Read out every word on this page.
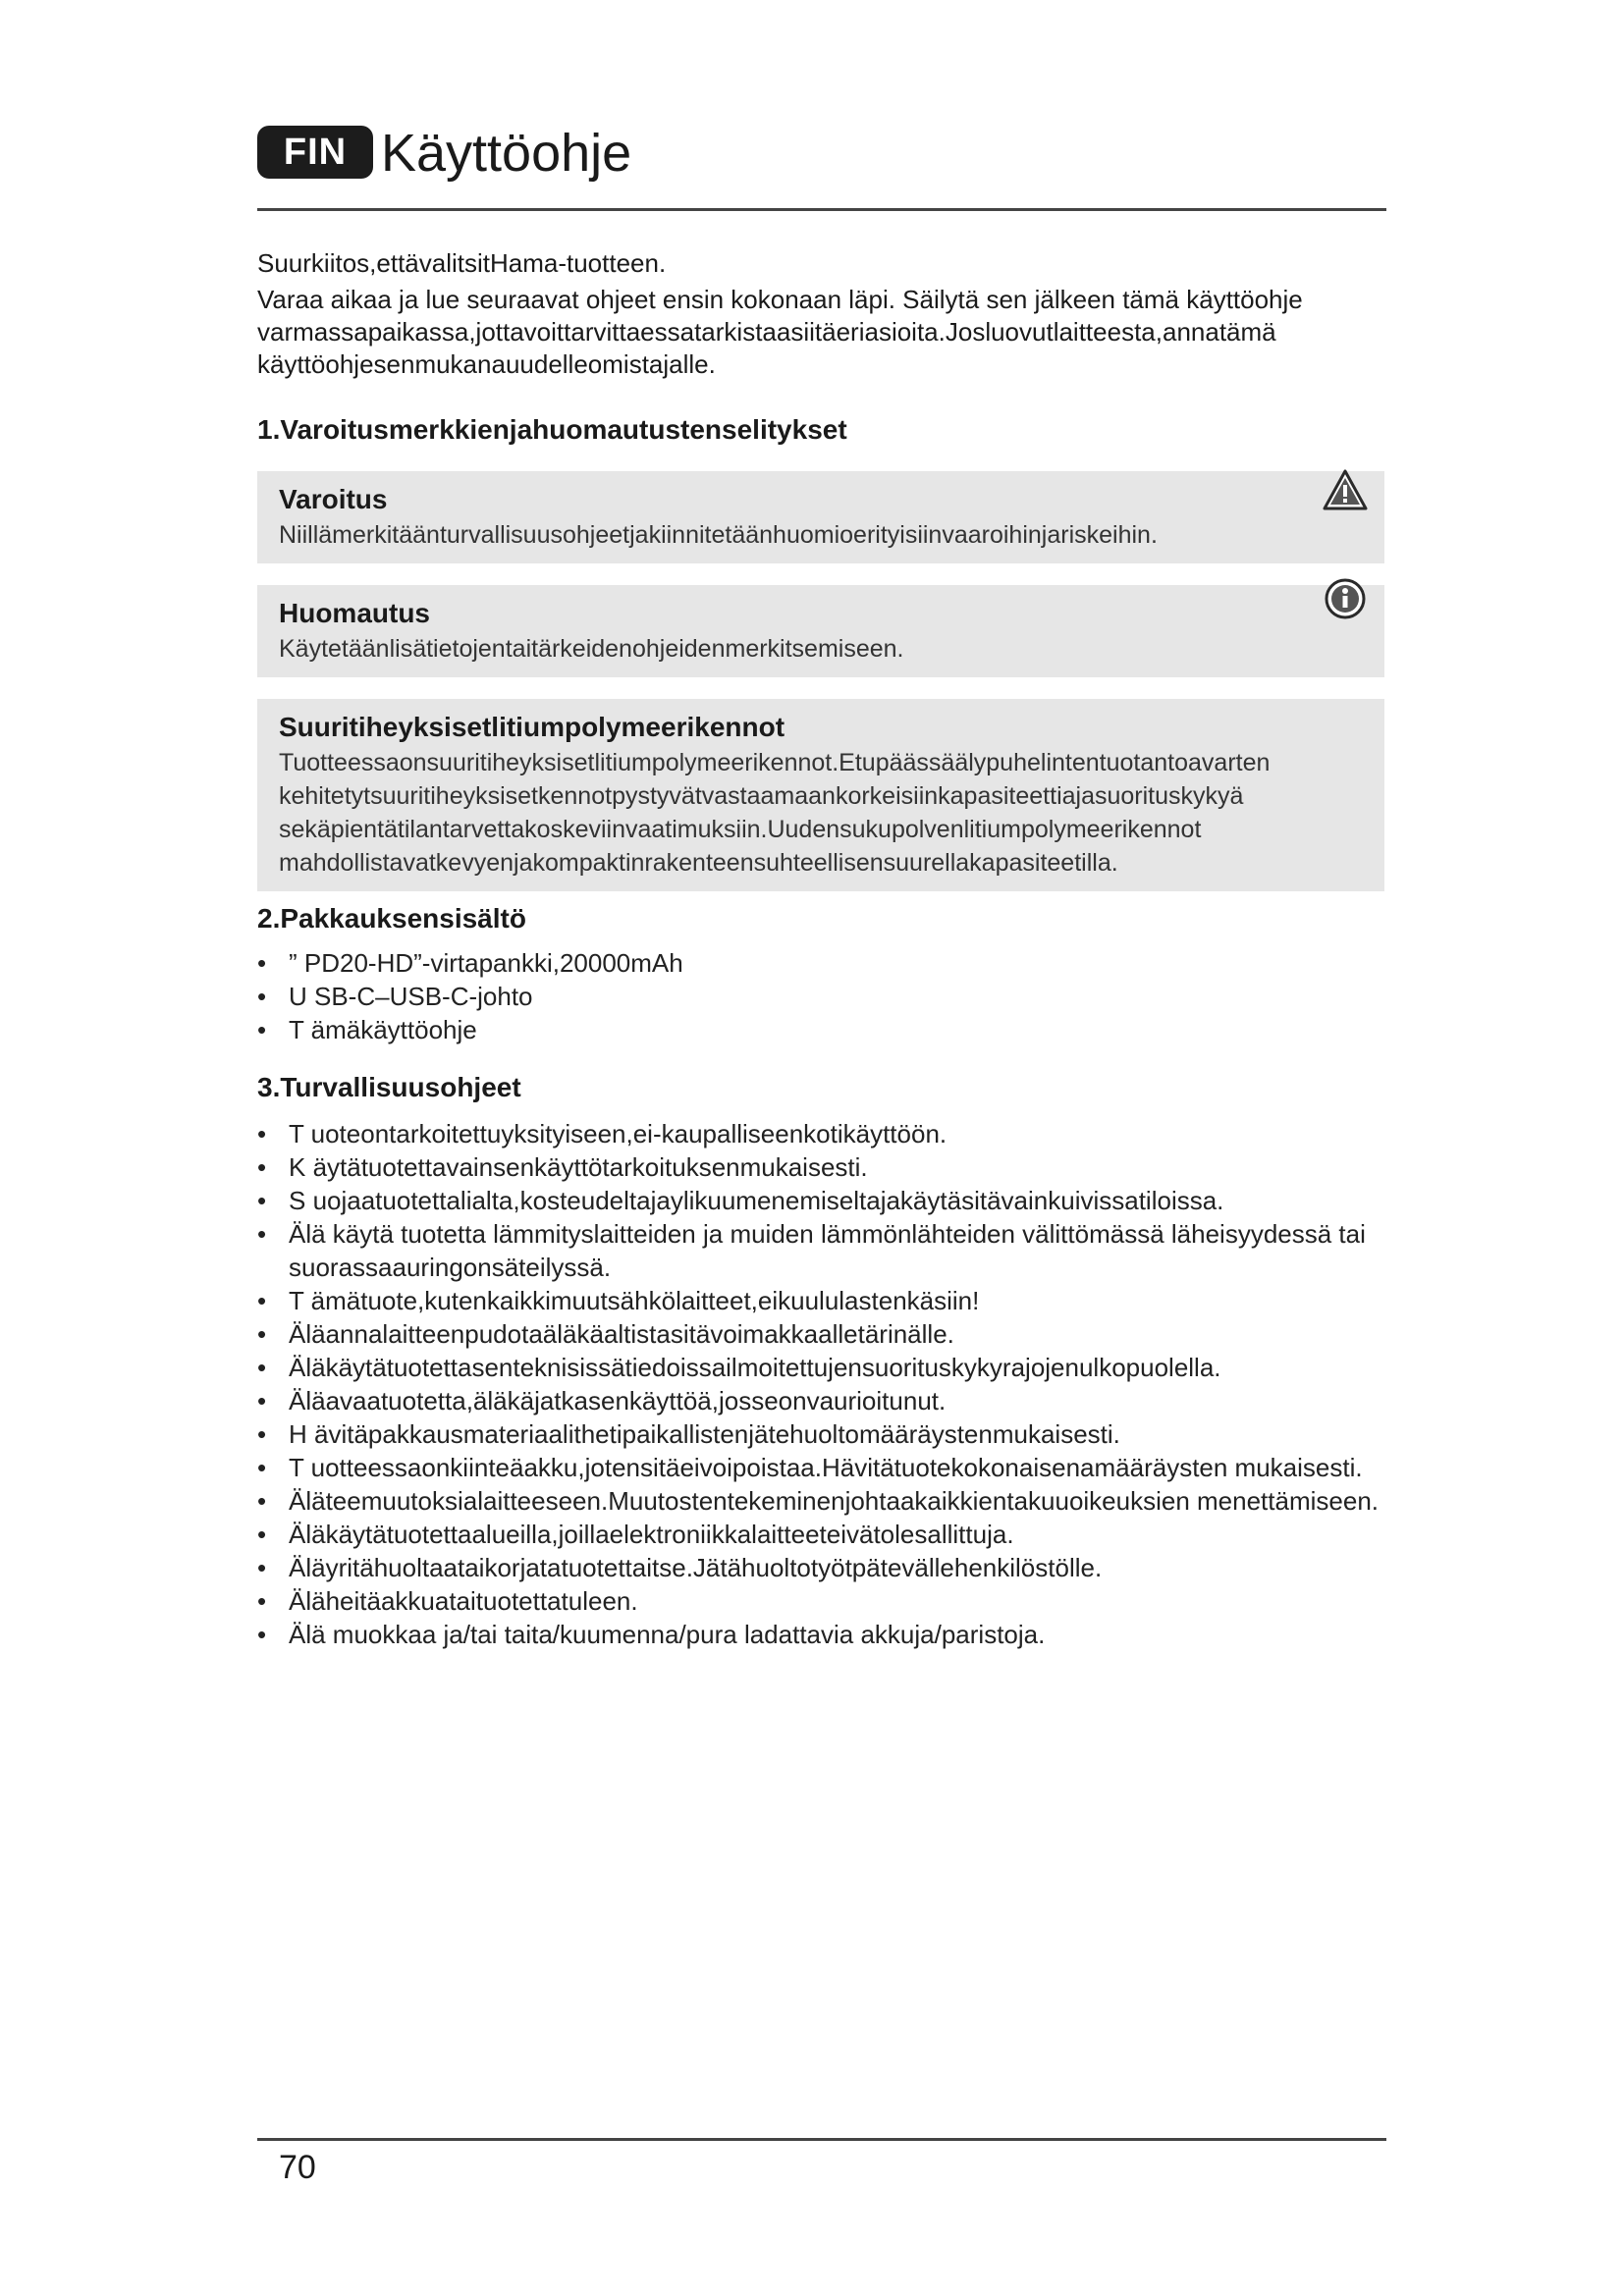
FIN Käyttöohje

Suurkiitos,ettävalitsitHama-tuotteen.

Varaa aikaa ja lue seuraavat ohjeet ensin kokonaan läpi. Säilytä sen jälkeen tämä käyttöohje varmassapaikassa,jottavoittarvittaessatarkistaasiitäeriasioita.Josluovutlaitteesta,annatämä käyttöohjesenmukanauudelleomistajalle.

1.Varoitusmerkkienjahuomautustenselitykset
Varoitus
Niillämerkitäänturvallisuusohjeetjakiinnitetäänhuomioerityisiinvaaroihinjariskeihin.
Huomautus
Käytetäänlisätietojentaitärkeidenohjeidenmerkitsemiseen.
Suuritiheyksisetlitiumpolymeerikennot
Tuotteessaonsuuritiheyksisetlitiumpolymeerikennot.Etupäässäälypuhelintentuotantoavarten kehitetytsuuritiheyksisetkennotpystyvätvastaamaankorkeisiinkapasiteettiajasuorituskykyä sekäpientätilantarvettakoskeviinvaatimuksiin.Uudensukupolvenlitiumpolymeerikennot mahdollistavatkevyenjakompaktinrakenteensuhteellisensuurellakapasiteetilla.
2.Pakkauksensisältö
• ” PD20-HD”-virtapankki,20000mAh
• U SB-C–USB-C-johto
• T ämäkäyttöohje
3.Turvallisuusohjeet
• T uoteontarkoitettuyksityiseen,ei-kaupalliseenkotikäyttöön.
• K äytätuotettavainsenkäyttötarkoituksenmukaisesti.
• S uojaatuotettalialta,kosteudeltajaylikuumenemiseltajakäytäsitävainkuivissatiloissa.
• Älä käytä tuotetta lämmityslaitteiden ja muiden lämmönlähteiden välittömässä läheisyydessä tai suorassaauringonsäteilyssä.
• T ämätuote,kutenkaikkimuutsähkölaitteet,eikuululastenkäsiin!
• Äläannalaitteenpudotaäläkäaltistasitävoimakkaalletärinälle.
• Äläkäytätuotettasenteknisissätiedoissailmoitettujensuorituskykyrajojenulkopuolella.
• Äläavaatuotetta,äläkäjatkasenkäyttöä,josseonvaurioitunut.
• H ävitäpakkausmateriaalithetipaikallistenjätehuoltomääräystenmukaisesti.
• T uotteessaonkiinteäakku,jotensitäeivoipoistaa.Hävitätuotekokonaisenamääräysten mukaisesti.
• Äläteemuutoksialaitteeseen.Muutostentekeminenjohtaakaikkientakuuoikeuksien menettämiseen.
• Äläkäytätuotettaalueilla,joillaelektroniikkalaitteeteivätolesallittuja.
• Äläyritähuoltaataikorjatatuotettaitse.Jätähuoltotyötpätevällehenkilöstölle.
• Äläheitäakkuataituotettatuleen.
• Älä muokkaa ja/tai taita/kuumenna/pura ladattavia akkuja/paristoja.
70
